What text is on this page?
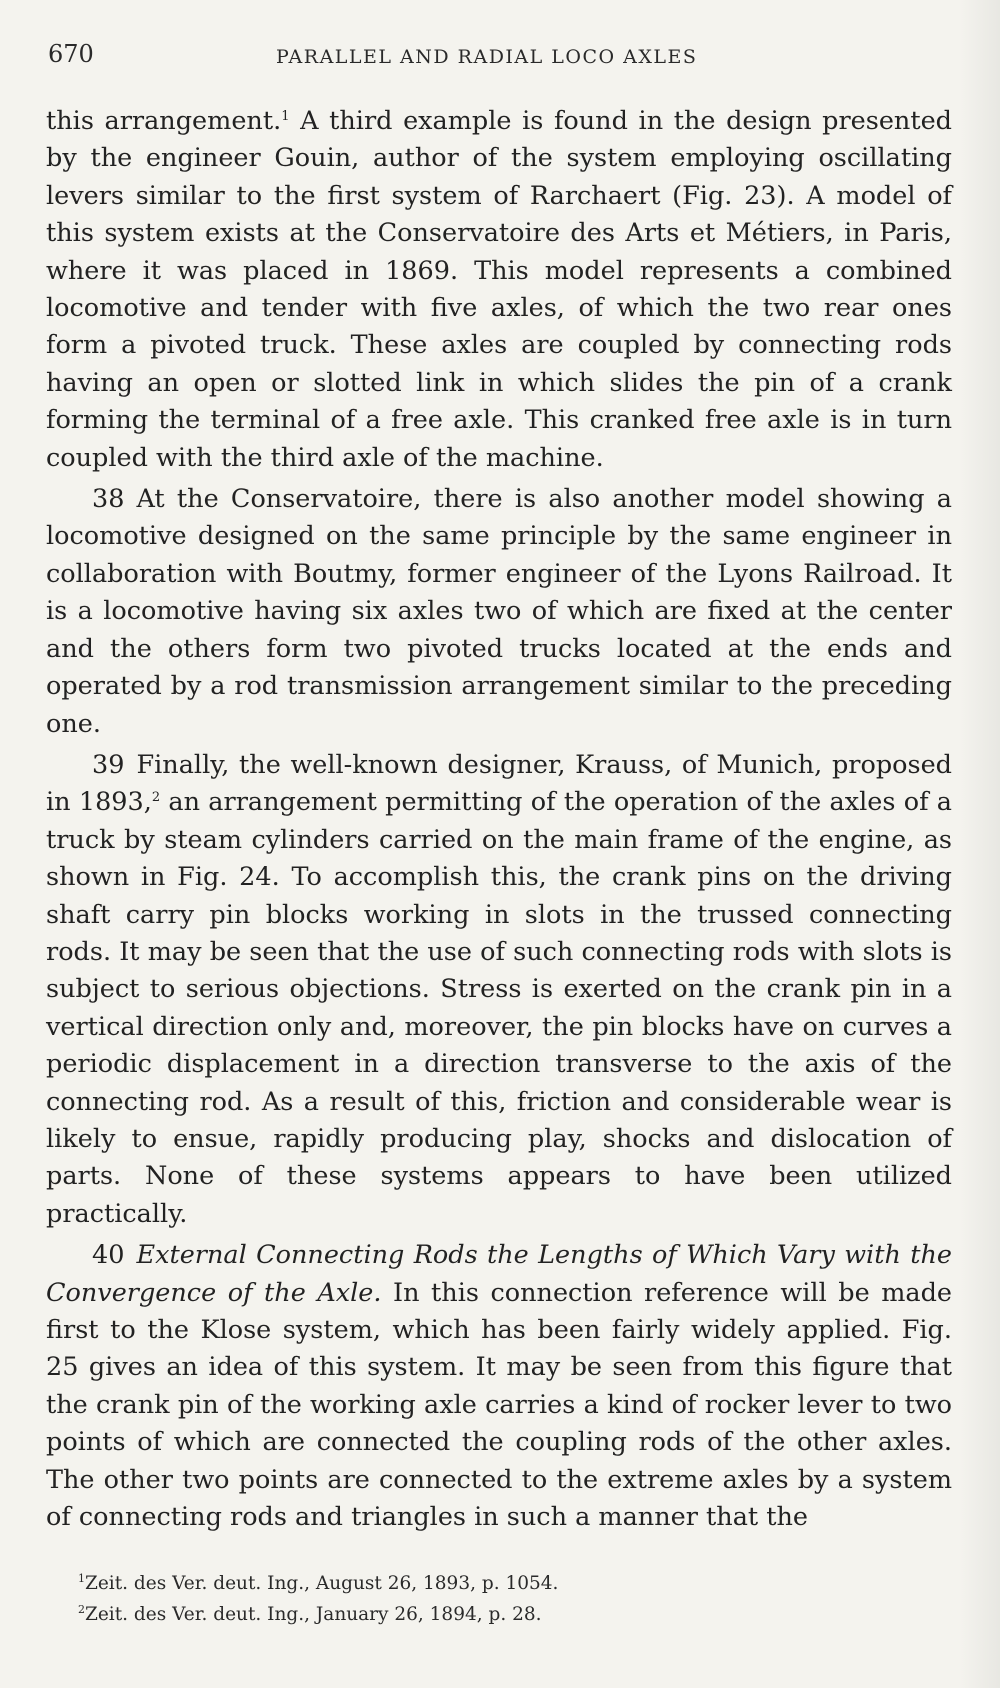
670	PARALLEL AND RADIAL LOCO AXLES

this arrangement.$^1$ A third example is found in the design presented by the engineer Gouin, author of the system employing oscillating levers similar to the first system of Rarchaert (Fig. 23). A model of this system exists at the Conservatoire des Arts et Métiers, in Paris, where it was placed in 1869. This model represents a combined locomotive and tender with five axles, of which the two rear ones form a pivoted truck. These axles are coupled by connecting rods having an open or slotted link in which slides the pin of a crank forming the terminal of a free axle. This cranked free axle is in turn coupled with the third axle of the machine.

38 At the Conservatoire, there is also another model showing a locomotive designed on the same principle by the same engineer in collaboration with Boutmy, former engineer of the Lyons Railroad. It is a locomotive having six axles two of which are fixed at the center and the others form two pivoted trucks located at the ends and operated by a rod transmission arrangement similar to the preceding one.

39 Finally, the well-known designer, Krauss, of Munich, proposed in 1893,$^2$ an arrangement permitting of the operation of the axles of a truck by steam cylinders carried on the main frame of the engine, as shown in Fig. 24. To accomplish this, the crank pins on the driving shaft carry pin blocks working in slots in the trussed connecting rods. It may be seen that the use of such connecting rods with slots is subject to serious objections. Stress is exerted on the crank pin in a vertical direction only and, moreover, the pin blocks have on curves a periodic displacement in a direction transverse to the axis of the connecting rod. As a result of this, friction and considerable wear is likely to ensue, rapidly producing play, shocks and dislocation of parts. None of these systems appears to have been utilized practically.

40 External Connecting Rods the Lengths of Which Vary with the Convergence of the Axle. In this connection reference will be made first to the Klose system, which has been fairly widely applied. Fig. 25 gives an idea of this system. It may be seen from this figure that the crank pin of the working axle carries a kind of rocker lever to two points of which are connected the coupling rods of the other axles. The other two points are connected to the extreme axles by a system of connecting rods and triangles in such a manner that the

$^1$Zeit. des Ver. deut. Ing., August 26, 1893, p. 1054.

$^2$Zeit. des Ver. deut. Ing., January 26, 1894, p. 28.
